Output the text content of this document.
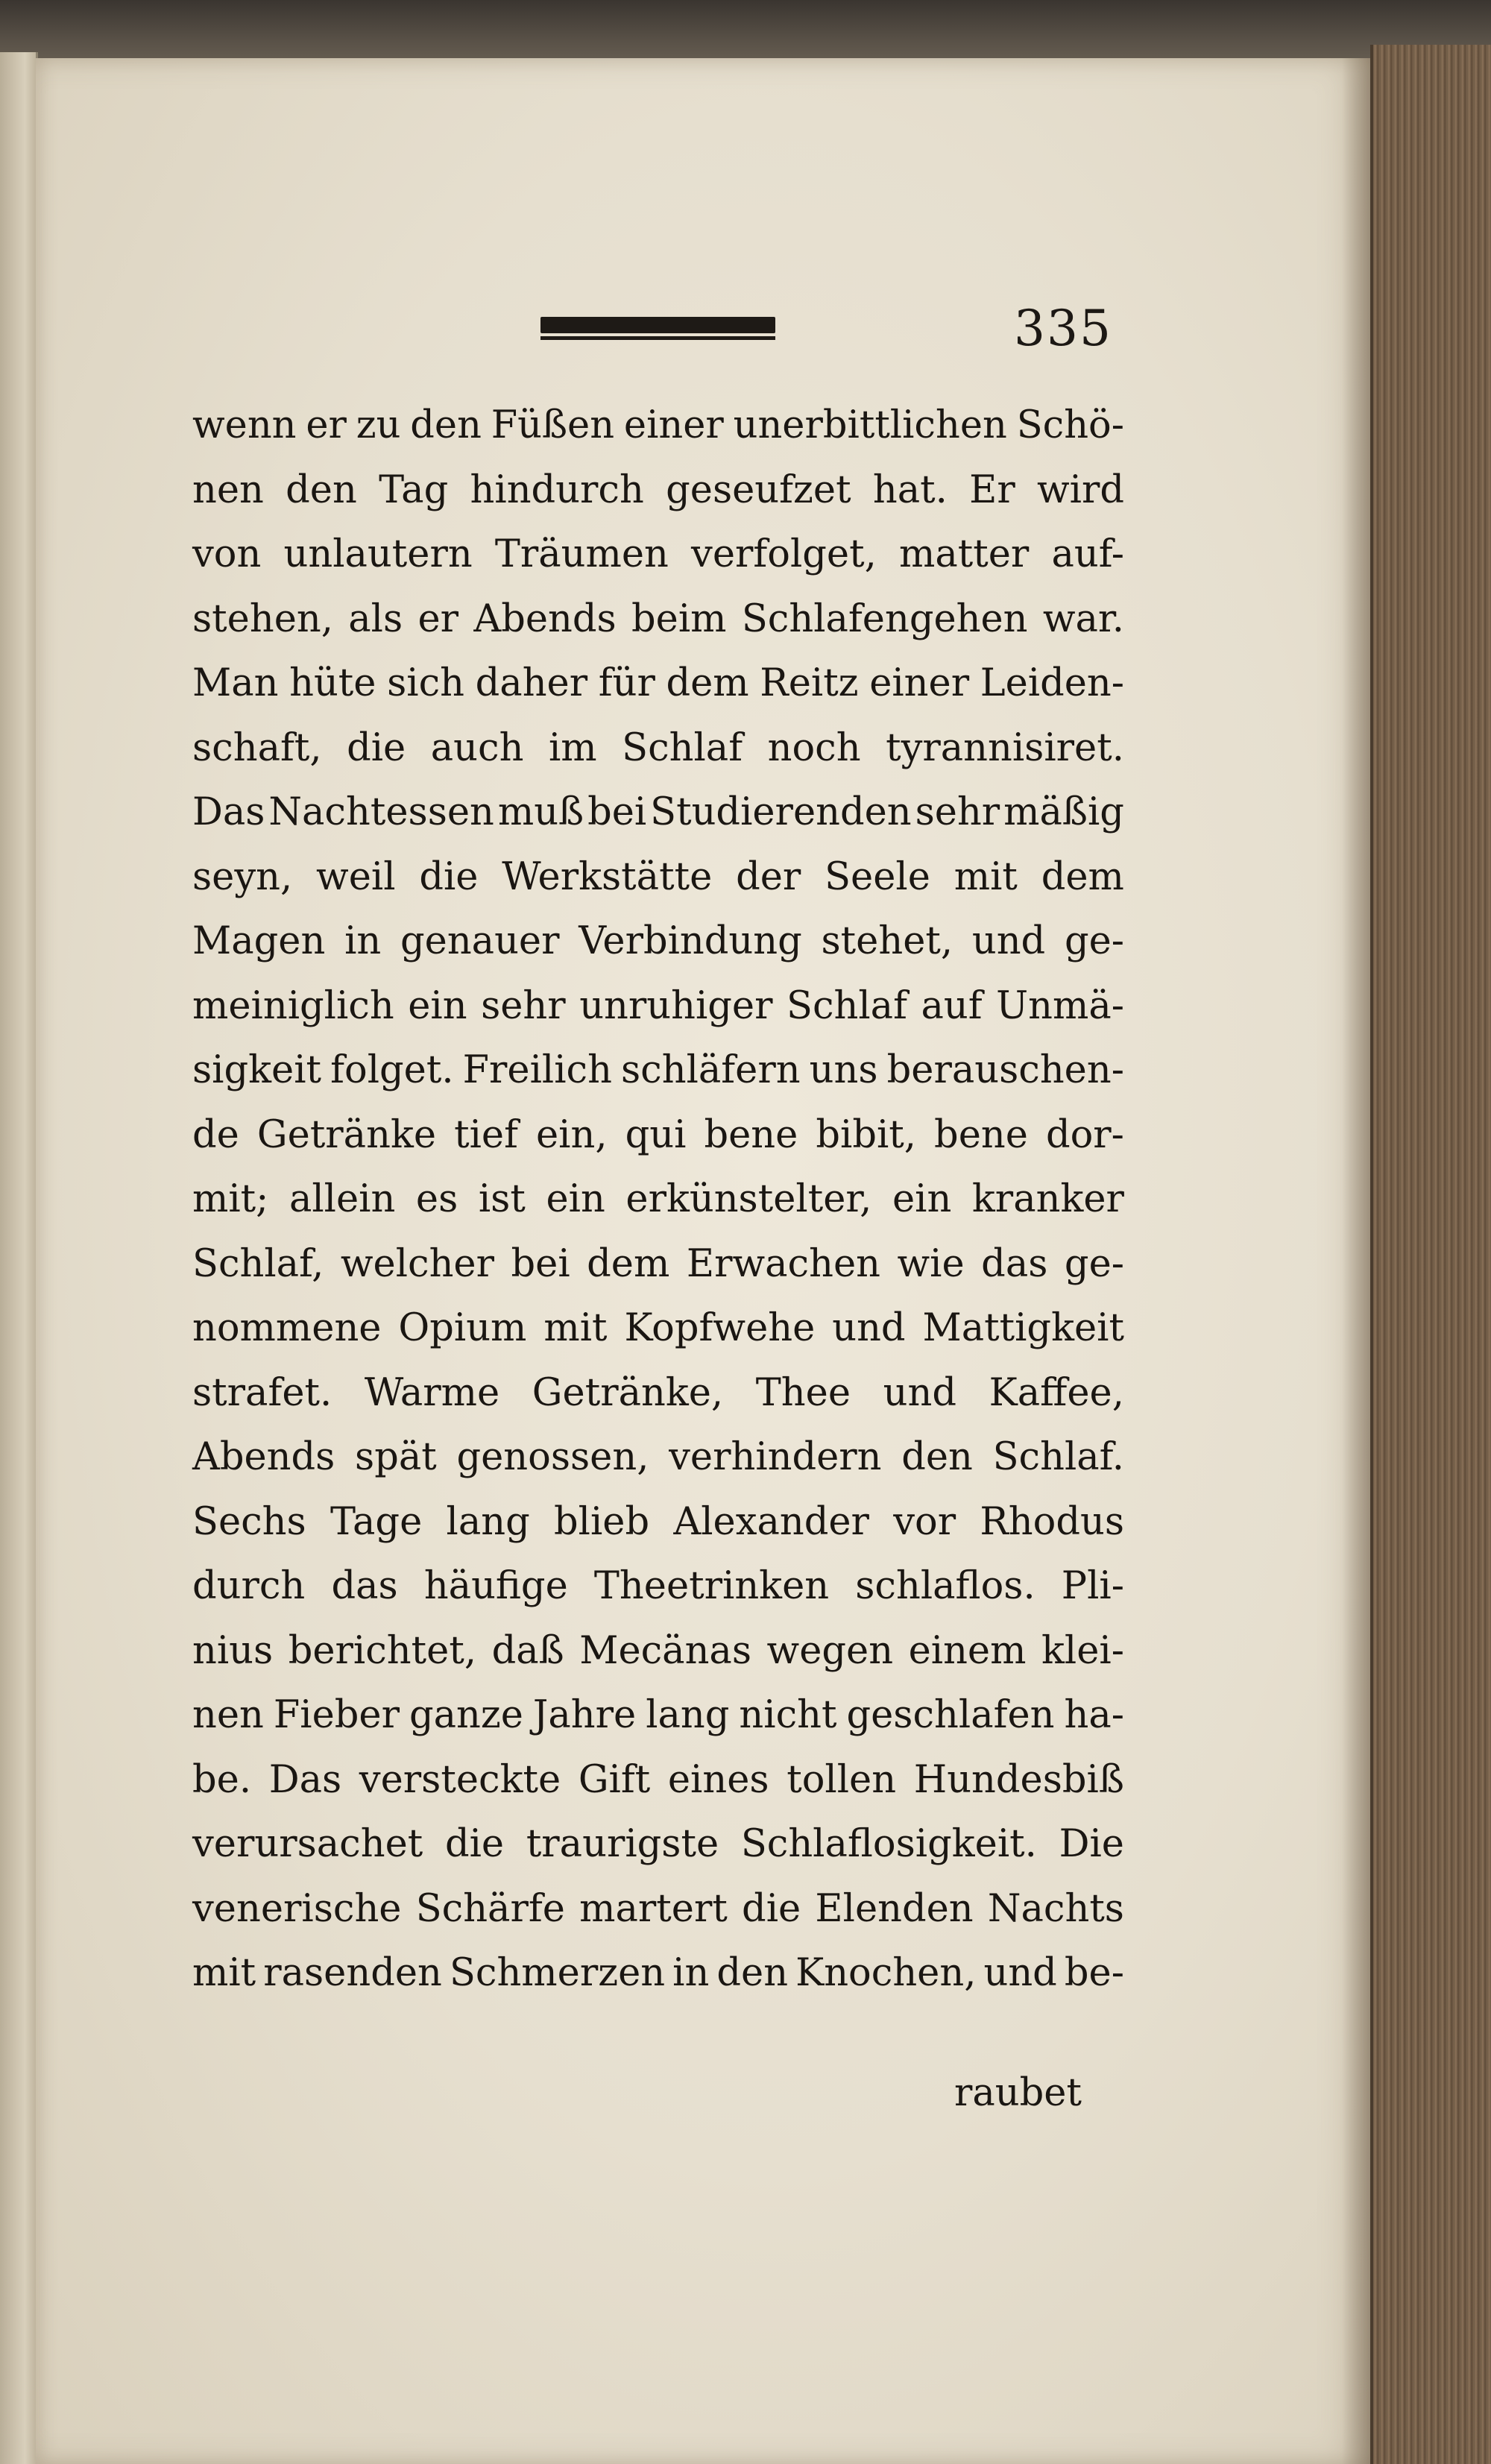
335
wenn er zu den Füßen einer unerbittlichen Schö-
nen den Tag hindurch geseufzet hat. Er wird
von unlautern Träumen verfolget, matter auf-
stehen, als er Abends beim Schlafengehen war.
Man hüte sich daher für dem Reitz einer Leiden-
schaft, die auch im Schlaf noch tyrannisiret.
Das Nachtessen muß bei Studierenden sehr mäßig
seyn, weil die Werkstätte der Seele mit dem
Magen in genauer Verbindung stehet, und ge-
meiniglich ein sehr unruhiger Schlaf auf Unmä-
sigkeit folget. Freilich schläfern uns berauschen-
de Getränke tief ein, qui bene bibit, bene dor-
mit; allein es ist ein erkünstelter, ein kranker
Schlaf, welcher bei dem Erwachen wie das ge-
nommene Opium mit Kopfwehe und Mattigkeit
strafet. Warme Getränke, Thee und Kaffee,
Abends spät genossen, verhindern den Schlaf.
Sechs Tage lang blieb Alexander vor Rhodus
durch das häufige Theetrinken schlaflos. Pli-
nius berichtet, daß Mecänas wegen einem klei-
nen Fieber ganze Jahre lang nicht geschlafen ha-
be. Das versteckte Gift eines tollen Hundesbiß
verursachet die traurigste Schlaflosigkeit. Die
venerische Schärfe martert die Elenden Nachts
mit rasenden Schmerzen in den Knochen, und be-
raubet
